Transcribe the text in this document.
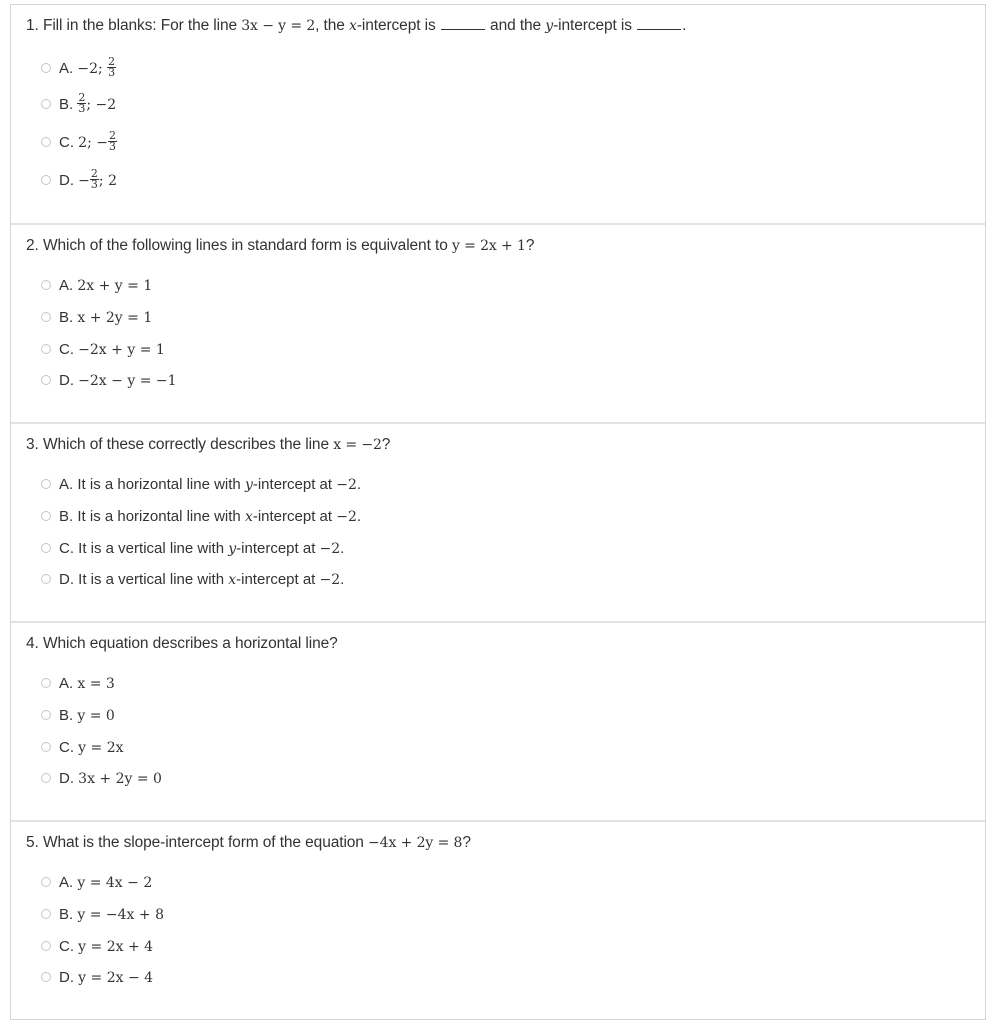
1. Fill in the blanks: For the line 3x − y = 2, the x-intercept is	and the y-intercept is	.
A. −2; $\frac{2}{3}$
B. $\frac{2}{3}$ ; −2
C. 2; − $\frac{2}{3}$
D. − $\frac{2}{3}$ ; 2
2. Which of the following lines in standard form is equivalent to y = 2x + 1?
A. 2x + y = 1
B. x + 2y = 1
C. −2x + y = 1
D. −2x − y = −1
3. Which of these correctly describes the line x = −2?
A. It is a horizontal line with y-intercept at −2.
B. It is a horizontal line with x-intercept at −2.
C. It is a vertical line with y-intercept at −2.
D. It is a vertical line with x-intercept at −2.
4. Which equation describes a horizontal line?
A. x = 3
B. y = 0
C. y = 2x
D. 3x + 2y = 0
5. What is the slope-intercept form of the equation −4x + 2y = 8?
A. y = 4x − 2
B. y = −4x + 8
C. y = 2x + 4
D. y = 2x − 4
